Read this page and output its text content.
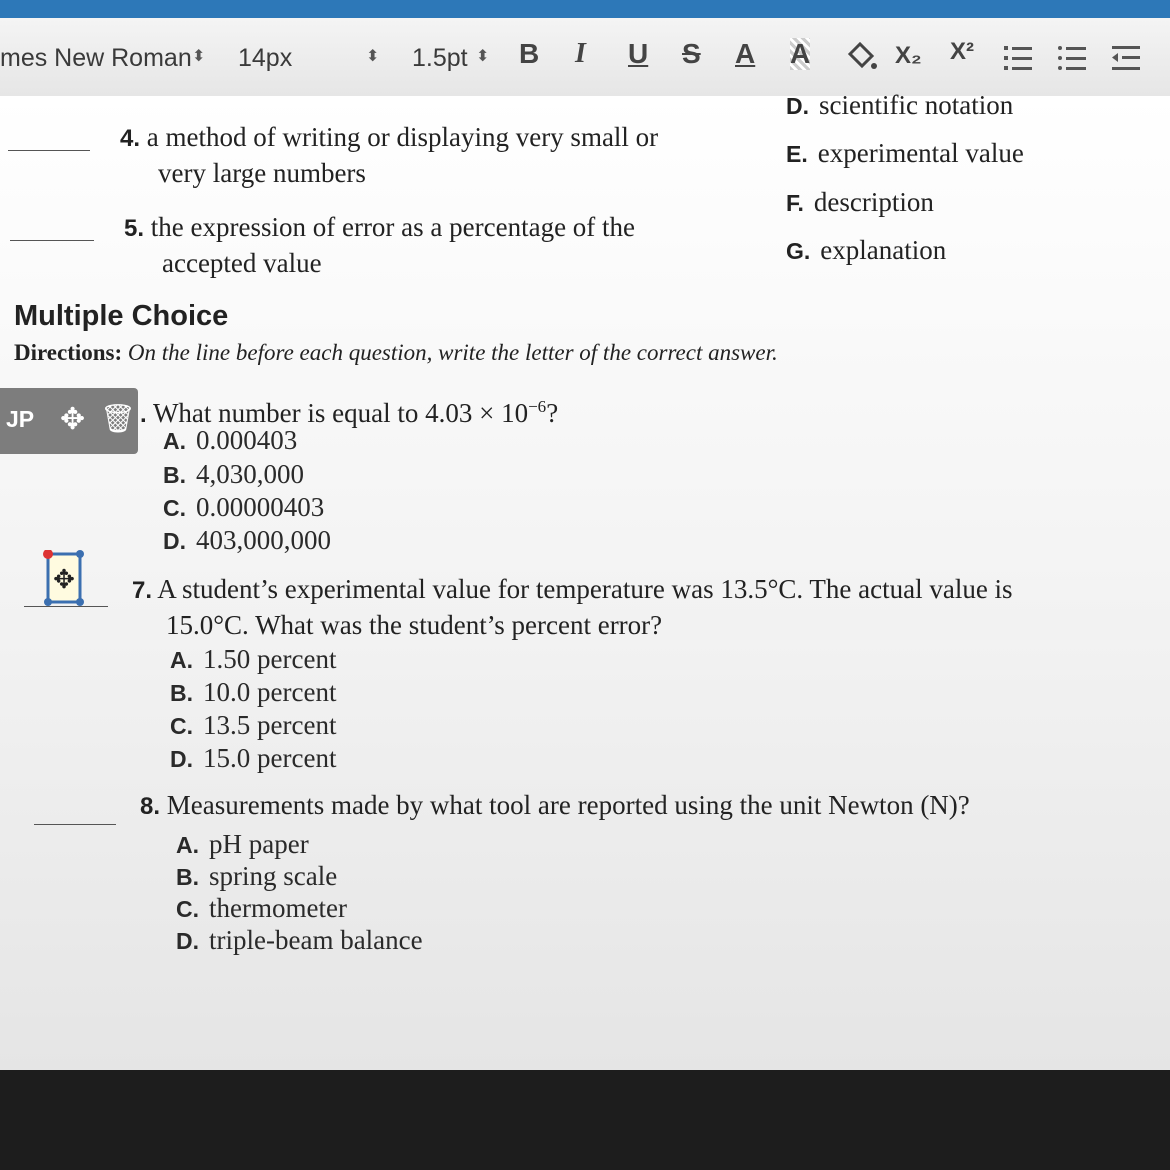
mes New Roman ⬍ 14px	⬍ 1.5pt ⬍ B I U S A A	X₂ X²
4. a method of writing or displaying very small or
very large numbers
5. the expression of error as a percentage of the
accepted value
D. scientific notation
E. experimental value
F. description
G. explanation
Multiple Choice
Directions: On the line before each question, write the letter of the correct answer.
. What number is equal to $4.03 \times 10^{-6}$?
A. 0.000403
B. 4,030,000
C. 0.00000403
D. 403,000,000
JP ✥ 🗑
✥ 7. A student’s experimental value for temperature was 13.5°C. The actual value is
15.0°C. What was the student’s percent error?
A. 1.50 percent
B. 10.0 percent
C. 13.5 percent
D. 15.0 percent
8. Measurements made by what tool are reported using the unit Newton (N)?
A. pH paper
B. spring scale
C. thermometer
D. triple-beam balance
